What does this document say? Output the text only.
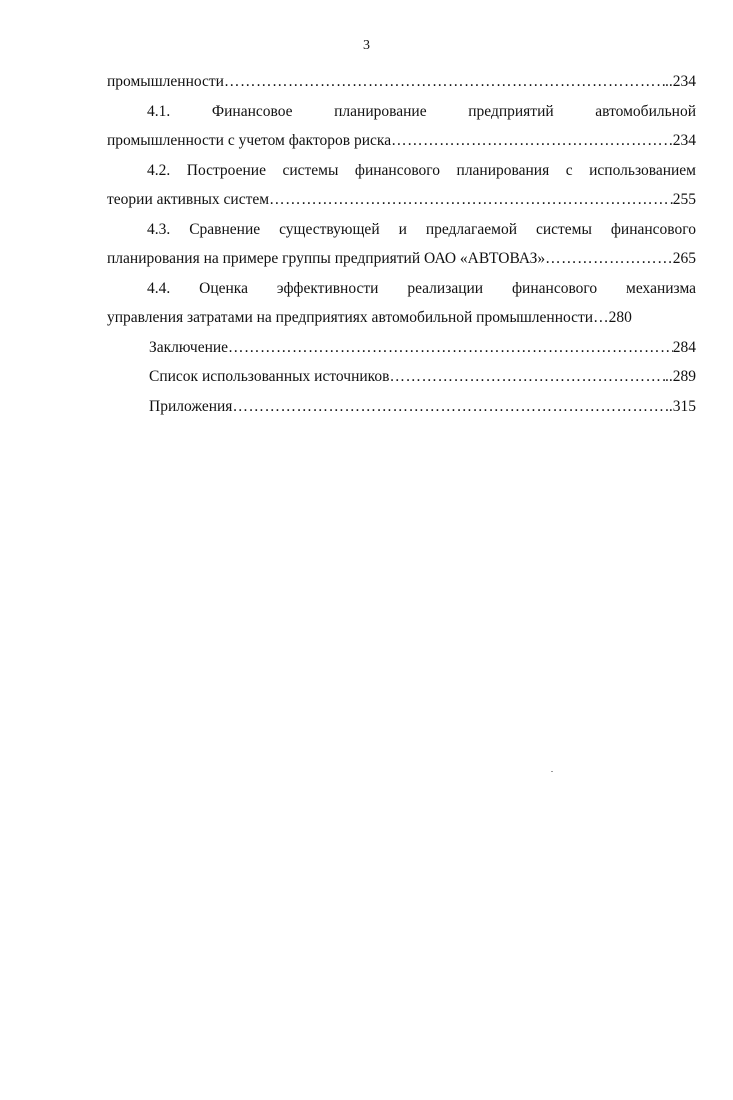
3
промышленности …………………………………………………………………………………………………………………………………………	..234
4.1.	Финансовое	планирование	предприятий	автомобильной
промышленности с учетом факторов риска …………………………………………………………………………………………………………………………………………	.234
4.2. Построение системы финансового планирования с использованием
теории активных систем …………………………………………………………………………………………………………………………………………	255
4.3. Сравнение существующей и предлагаемой системы финансового
планирования на примере группы предприятий ОАО «АВТОВАЗ» …………………………………………………………………………………………………………………………………………	265
4.4. Оценка эффективности реализации финансового механизма
управления затратами на предприятиях автомобильной промышленности…280
Заключение …………………………………………………………………………………………………………………………………………	284
Список использованных источников …………………………………………………………………………………………………………………………………………	..289
Приложения …………………………………………………………………………………………………………………………………………	..315
